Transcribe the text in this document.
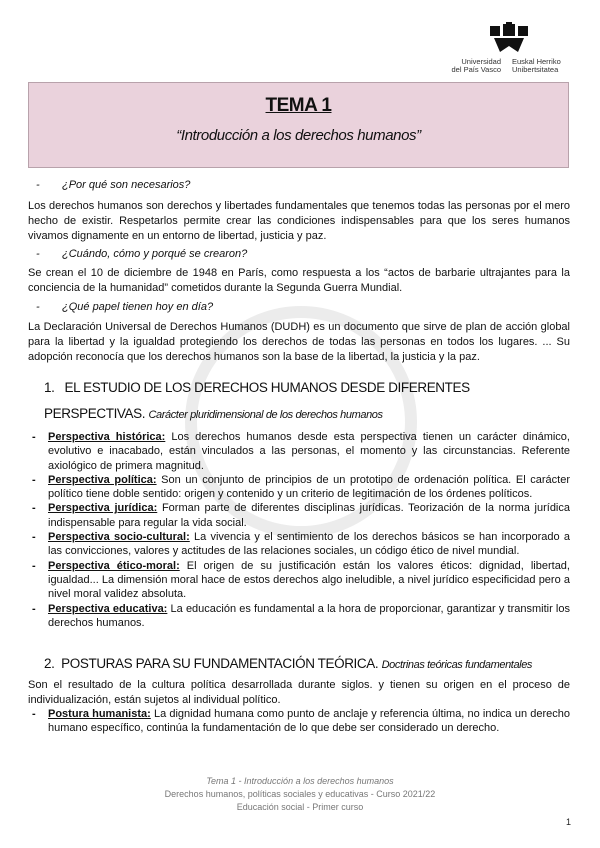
Universidad
del País Vasco
Euskal Herriko
Unibertsitatea
TEMA 1
“Introducción a los derechos humanos”
- ¿Por qué son necesarios?
Los derechos humanos son derechos y libertades fundamentales que tenemos todas las personas por el mero hecho de existir. Respetarlos permite crear las condiciones indispensables para que los seres humanos vivamos dignamente en un entorno de libertad, justicia y paz.
- ¿Cuándo, cómo y porqué se crearon?
Se crean el 10 de diciembre de 1948 en París, como respuesta a los “actos de barbarie ultrajantes para la conciencia de la humanidad” cometidos durante la Segunda Guerra Mundial.
- ¿Qué papel tienen hoy en día?
La Declaración Universal de Derechos Humanos (DUDH) es un documento que sirve de plan de acción global para la libertad y la igualdad protegiendo los derechos de todas las personas en todos los lugares. ... Su adopción reconocía que los derechos humanos son la base de la libertad, la justicia y la paz.
1. EL ESTUDIO DE LOS DERECHOS HUMANOS DESDE DIFERENTES PERSPECTIVAS. Carácter pluridimensional de los derechos humanos
- Perspectiva histórica: Los derechos humanos desde esta perspectiva tienen un carácter dinámico, evolutivo e inacabado, están vinculados a las personas, el momento y las circunstancias. Referente axiológico de primera magnitud.
- Perspectiva política: Son un conjunto de principios de un prototipo de ordenación política. El carácter político tiene doble sentido: origen y contenido y un criterio de legitimación de los órdenes políticos.
- Perspectiva jurídica: Forman parte de diferentes disciplinas jurídicas. Teorización de la norma jurídica indispensable para regular la vida social.
- Perspectiva socio-cultural: La vivencia y el sentimiento de los derechos básicos se han incorporado a las convicciones, valores y actitudes de las relaciones sociales, un código ético de nivel mundial.
- Perspectiva ético-moral: El origen de su justificación están los valores éticos: dignidad, libertad, igualdad... La dimensión moral hace de estos derechos algo ineludible, a nivel jurídico especificidad pero a nivel moral validez absoluta.
- Perspectiva educativa: La educación es fundamental a la hora de proporcionar, garantizar y transmitir los derechos humanos.
2. POSTURAS PARA SU FUNDAMENTACIÓN TEÓRICA. Doctrinas teóricas fundamentales
Son el resultado de la cultura política desarrollada durante siglos. y tienen su origen en el proceso de individualización, están sujetos al individual político.
- Postura humanista: La dignidad humana como punto de anclaje y referencia última, no indica un derecho humano específico, continúa la fundamentación de lo que debe ser considerado un derecho.
Tema 1 - Introducción a los derechos humanos
Derechos humanos, políticas sociales y educativas - Curso 2021/22
Educación social - Primer curso
1
